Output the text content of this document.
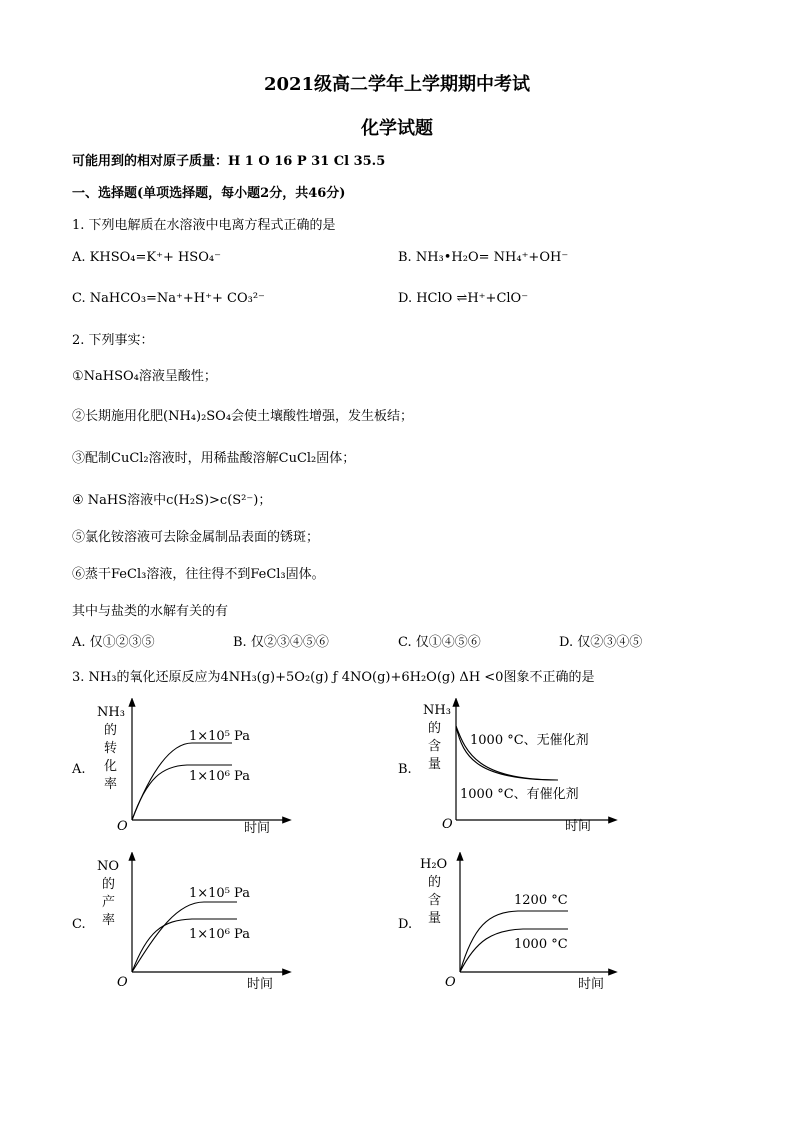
2021级高二学年上学期期中考试
化学试题
可能用到的相对原子质量：H 1 O 16 P 31 Cl 35.5
一、选择题(单项选择题，每小题2分，共46分)
1. 下列电解质在水溶液中电离方程式正确的是
A. KHSO₄=K⁺+ HSO₄⁻	B. NH₃•H₂O= NH₄⁺+OH⁻
C. NaHCO₃=Na⁺+H⁺+ CO₃²⁻	D. HClO ⇌H⁺+ClO⁻
2. 下列事实：
①NaHSO₄溶液呈酸性；
②长期施用化肥(NH₄)₂SO₄会使土壤酸性增强，发生板结；
③配制CuCl₂溶液时，用稀盐酸溶解CuCl₂固体；
④ NaHS溶液中c(H₂S)>c(S²⁻)；
⑤氯化铵溶液可去除金属制品表面的锈斑；
⑥蒸干FeCl₃溶液，往往得不到FeCl₃固体。
其中与盐类的水解有关的有
A. 仅①②③⑤	B. 仅②③④⑤⑥	C. 仅①④⑤⑥	D. 仅②③④⑤
3. NH₃的氧化还原反应为4NH₃(g)+5O₂(g) ƒ 4NO(g)+6H₂O(g) ΔH <0图象不正确的是
A.
NH₃
的
转
化
率
1×10⁵ Pa
1×10⁶ Pa
O	时间
B.
NH₃
的
含
量
1000 °C、无催化剂
1000 °C、有催化剂
O	时间
C.
NO
的
产
率
1×10⁵ Pa
1×10⁶ Pa
O	时间
D.
H₂O
的
含
量
1200 °C
1000 °C
O	时间
